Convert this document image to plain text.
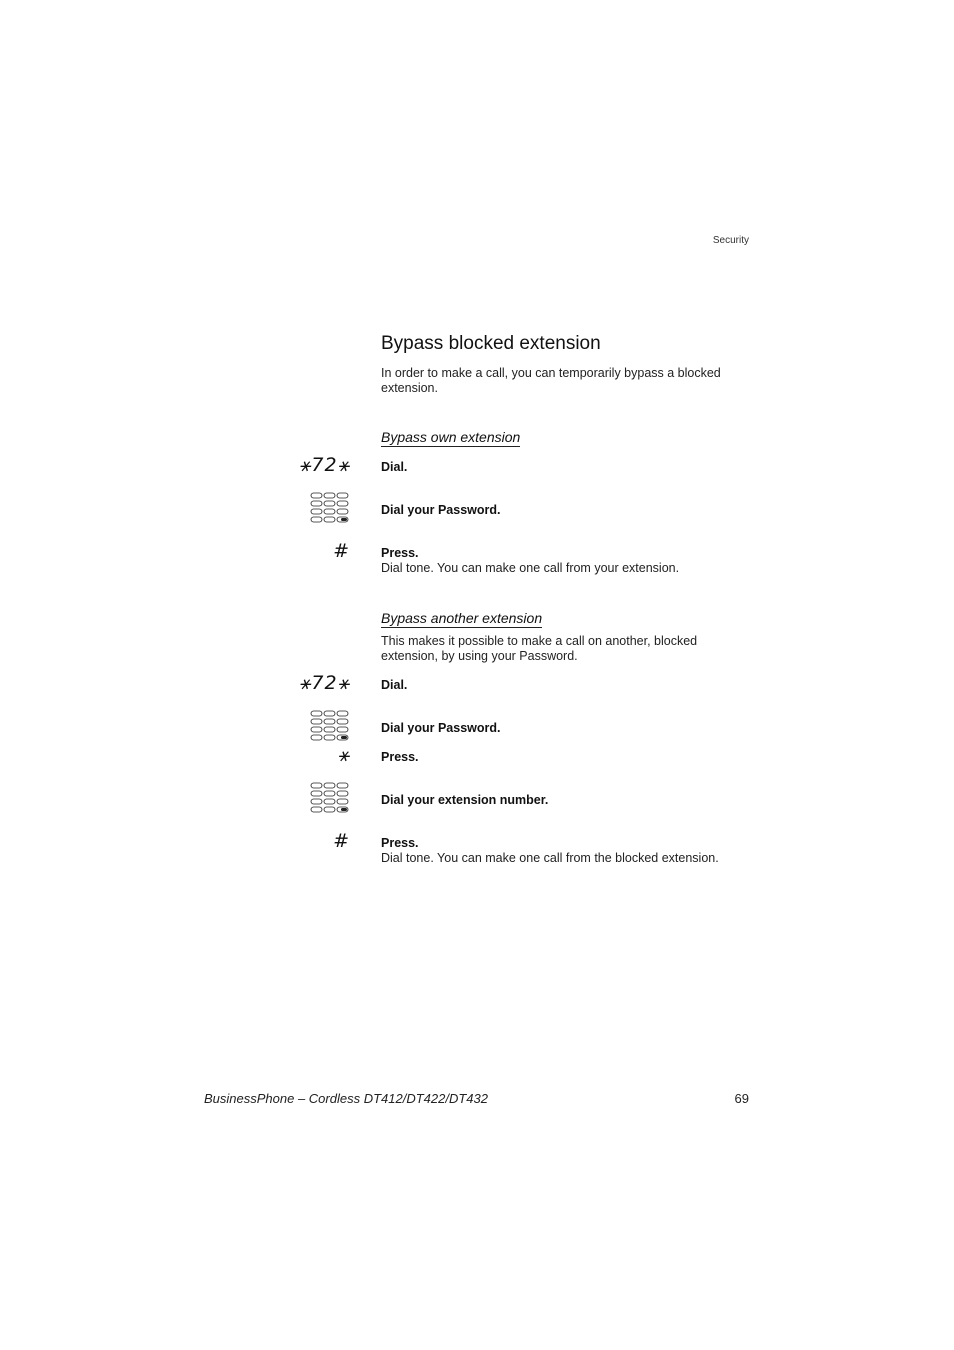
Security
Bypass blocked extension
In order to make a call, you can temporarily bypass a blocked extension.
Bypass own extension
⚹72⚹ Dial.
Dial your Password.
# Press.
Dial tone. You can make one call from your extension.
Bypass another extension
This makes it possible to make a call on another, blocked extension, by using your Password.
⚹72⚹ Dial.
Dial your Password.
⚹ Press.
Dial your extension number.
# Press.
Dial tone. You can make one call from the blocked extension.
BusinessPhone – Cordless DT412/DT422/DT432	69
